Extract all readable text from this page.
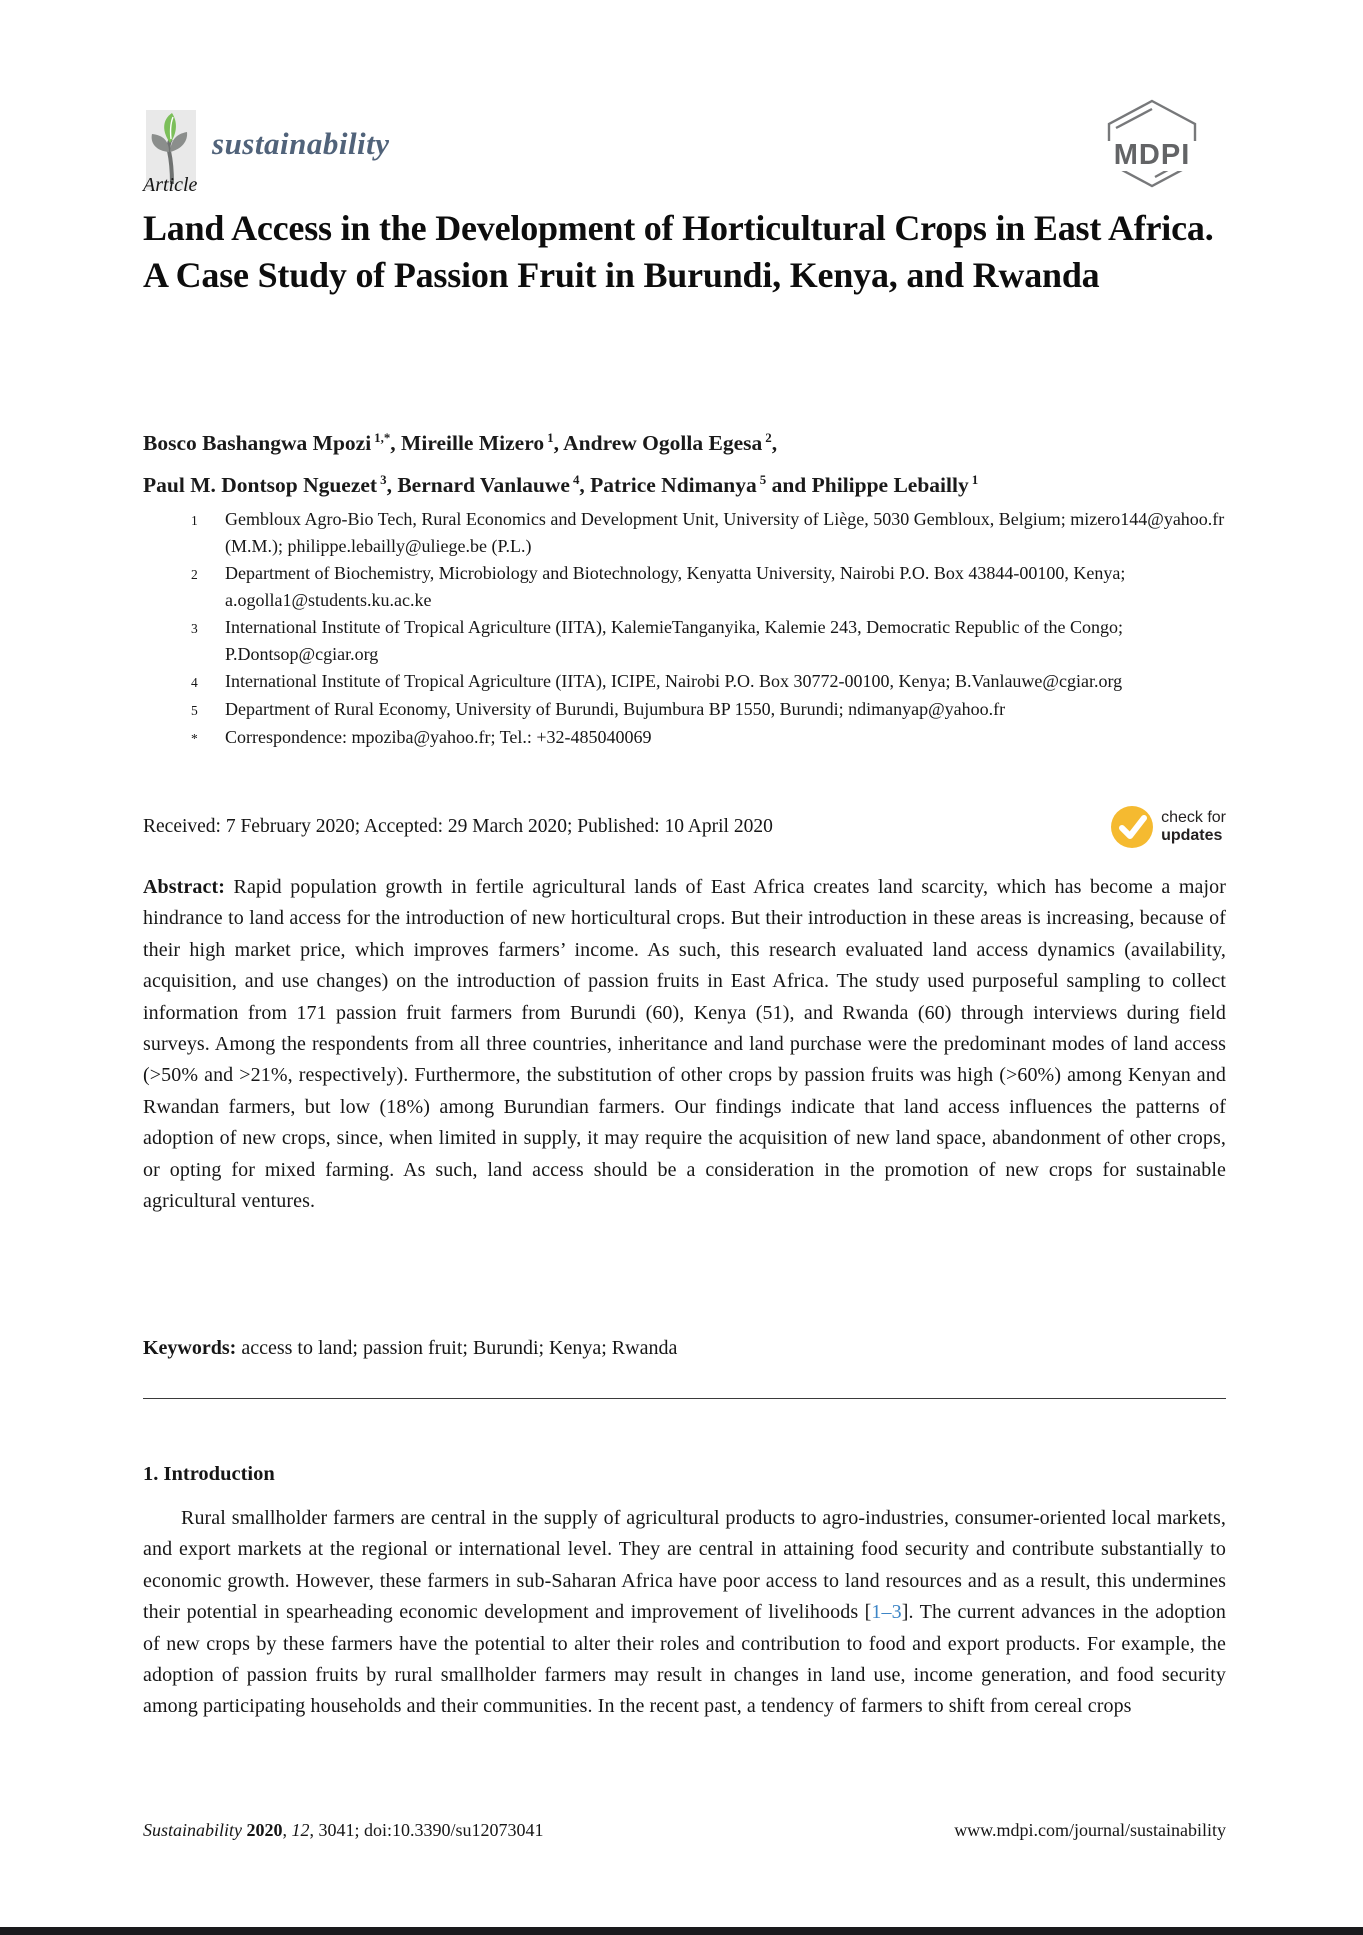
sustainability	MDPI
Article
Land Access in the Development of Horticultural Crops in East Africa. A Case Study of Passion Fruit in Burundi, Kenya, and Rwanda
Bosco Bashangwa Mpozi $^{1,*}$, Mireille Mizero $^1$, Andrew Ogolla Egesa $^2$,
Paul M. Dontsop Nguezet $^3$, Bernard Vanlauwe $^4$, Patrice Ndimanya $^5$ and Philippe Lebailly $^1$
1	Gembloux Agro-Bio Tech, Rural Economics and Development Unit, University of Liège, 5030 Gembloux, Belgium; mizero144@yahoo.fr (M.M.); philippe.lebailly@uliege.be (P.L.)
2	Department of Biochemistry, Microbiology and Biotechnology, Kenyatta University, Nairobi P.O. Box 43844-00100, Kenya; a.ogolla1@students.ku.ac.ke
3	International Institute of Tropical Agriculture (IITA), KalemieTanganyika, Kalemie 243, Democratic Republic of the Congo; P.Dontsop@cgiar.org
4	International Institute of Tropical Agriculture (IITA), ICIPE, Nairobi P.O. Box 30772-00100, Kenya; B.Vanlauwe@cgiar.org
5	Department of Rural Economy, University of Burundi, Bujumbura BP 1550, Burundi; ndimanyap@yahoo.fr
*	Correspondence: mpoziba@yahoo.fr; Tel.: +32-485040069
Received: 7 February 2020; Accepted: 29 March 2020; Published: 10 April 2020	check for
updates

Abstract: Rapid population growth in fertile agricultural lands of East Africa creates land scarcity, which has become a major hindrance to land access for the introduction of new horticultural crops. But their introduction in these areas is increasing, because of their high market price, which improves farmers’ income. As such, this research evaluated land access dynamics (availability, acquisition, and use changes) on the introduction of passion fruits in East Africa. The study used purposeful sampling to collect information from 171 passion fruit farmers from Burundi (60), Kenya (51), and Rwanda (60) through interviews during field surveys. Among the respondents from all three countries, inheritance and land purchase were the predominant modes of land access (>50% and >21%, respectively). Furthermore, the substitution of other crops by passion fruits was high (>60%) among Kenyan and Rwandan farmers, but low (18%) among Burundian farmers. Our findings indicate that land access influences the patterns of adoption of new crops, since, when limited in supply, it may require the acquisition of new land space, abandonment of other crops, or opting for mixed farming. As such, land access should be a consideration in the promotion of new crops for sustainable agricultural ventures.

Keywords: access to land; passion fruit; Burundi; Kenya; Rwanda

1. Introduction

Rural smallholder farmers are central in the supply of agricultural products to agro-industries, consumer-oriented local markets, and export markets at the regional or international level. They are central in attaining food security and contribute substantially to economic growth. However, these farmers in sub-Saharan Africa have poor access to land resources and as a result, this undermines their potential in spearheading economic development and improvement of livelihoods [1–3]. The current advances in the adoption of new crops by these farmers have the potential to alter their roles and contribution to food and export products. For example, the adoption of passion fruits by rural smallholder farmers may result in changes in land use, income generation, and food security among participating households and their communities. In the recent past, a tendency of farmers to shift from cereal crops

Sustainability 2020, 12, 3041; doi:10.3390/su12073041	www.mdpi.com/journal/sustainability
